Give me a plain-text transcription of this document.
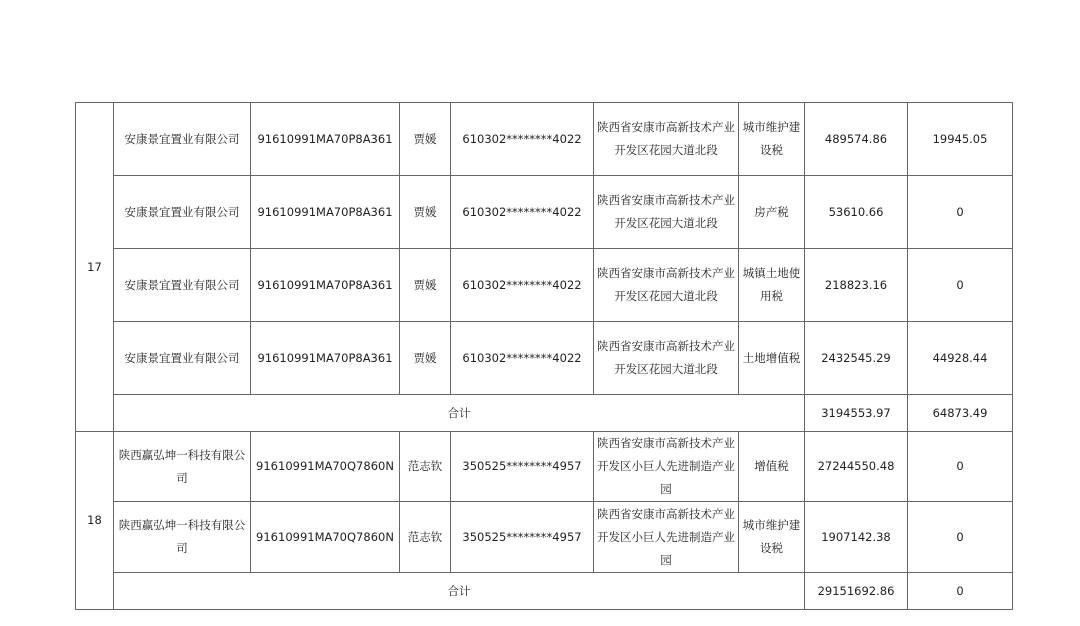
17	安康景宜置业有限公司	91610991MA70P8A361	贾媛	610302********4022	陕西省安康市高新技术产业开发区花园大道北段	城市维护建设税	489574.86	19945.05
	安康景宜置业有限公司	91610991MA70P8A361	贾媛	610302********4022	陕西省安康市高新技术产业开发区花园大道北段	房产税	53610.66	0
	安康景宜置业有限公司	91610991MA70P8A361	贾媛	610302********4022	陕西省安康市高新技术产业开发区花园大道北段	城镇土地使用税	218823.16	0
	安康景宜置业有限公司	91610991MA70P8A361	贾媛	610302********4022	陕西省安康市高新技术产业开发区花园大道北段	土地增值税	2432545.29	44928.44
	合计						3194553.97	64873.49
18	陕西赢弘坤一科技有限公司	91610991MA70Q7860N	范志钦	350525********4957	陕西省安康市高新技术产业开发区小巨人先进制造产业园	增值税	27244550.48	0
	陕西赢弘坤一科技有限公司	91610991MA70Q7860N	范志钦	350525********4957	陕西省安康市高新技术产业开发区小巨人先进制造产业园	城市维护建设税	1907142.38	0
	合计						29151692.86	0
